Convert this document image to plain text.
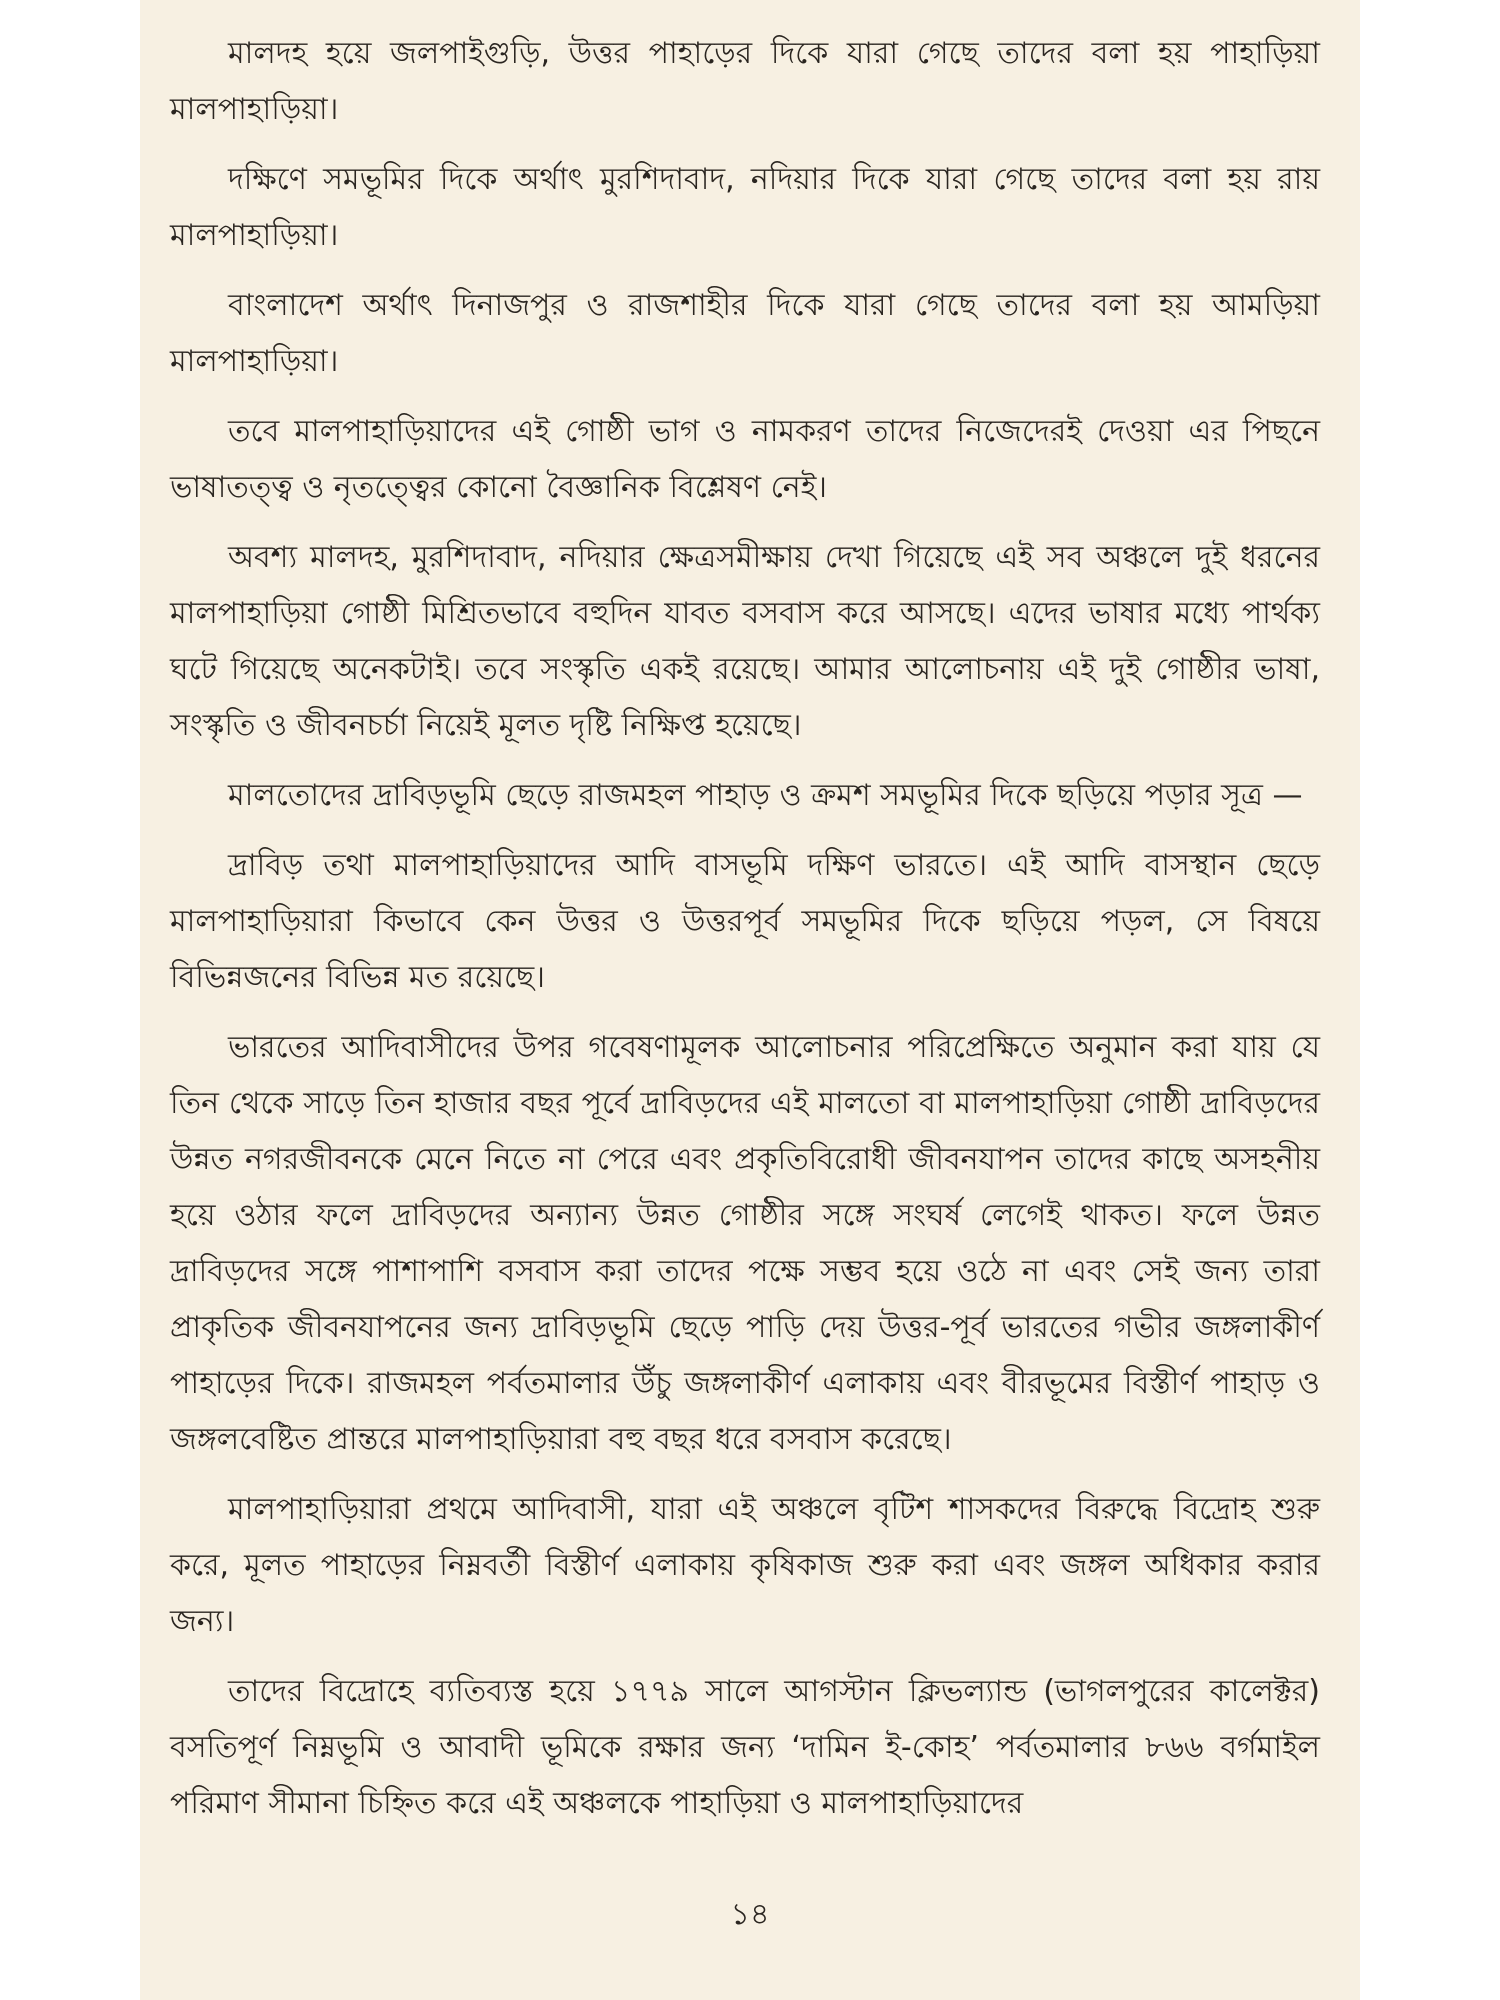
মালদহ হয়ে জলপাইগুড়ি, উত্তর পাহাড়ের দিকে যারা গেছে তাদের বলা হয় পাহাড়িয়া মালপাহাড়িয়া।

দক্ষিণে সমভূমির দিকে অর্থাৎ মুরশিদাবাদ, নদিয়ার দিকে যারা গেছে তাদের বলা হয় রায় মালপাহাড়িয়া।

বাংলাদেশ অর্থাৎ দিনাজপুর ও রাজশাহীর দিকে যারা গেছে তাদের বলা হয় আমড়িয়া মালপাহাড়িয়া।

তবে মালপাহাড়িয়াদের এই গোষ্ঠী ভাগ ও নামকরণ তাদের নিজেদেরই দেওয়া এর পিছনে ভাষাতত্ত্ব ও নৃতত্ত্বের কোনো বৈজ্ঞানিক বিশ্লেষণ নেই।

অবশ্য মালদহ, মুরশিদাবাদ, নদিয়ার ক্ষেত্রসমীক্ষায় দেখা গিয়েছে এই সব অঞ্চলে দুই ধরনের মালপাহাড়িয়া গোষ্ঠী মিশ্রিতভাবে বহুদিন যাবত বসবাস করে আসছে। এদের ভাষার মধ্যে পার্থক্য ঘটে গিয়েছে অনেকটাই। তবে সংস্কৃতি একই রয়েছে। আমার আলোচনায় এই দুই গোষ্ঠীর ভাষা, সংস্কৃতি ও জীবনচর্চা নিয়েই মূলত দৃষ্টি নিক্ষিপ্ত হয়েছে।

মালতোদের দ্রাবিড়ভূমি ছেড়ে রাজমহল পাহাড় ও ক্রমশ সমভূমির দিকে ছড়িয়ে পড়ার সূত্র —

দ্রাবিড় তথা মালপাহাড়িয়াদের আদি বাসভূমি দক্ষিণ ভারতে। এই আদি বাসস্থান ছেড়ে মালপাহাড়িয়ারা কিভাবে কেন উত্তর ও উত্তরপূর্ব সমভূমির দিকে ছড়িয়ে পড়ল, সে বিষয়ে বিভিন্নজনের বিভিন্ন মত রয়েছে।

ভারতের আদিবাসীদের উপর গবেষণামূলক আলোচনার পরিপ্রেক্ষিতে অনুমান করা যায় যে তিন থেকে সাড়ে তিন হাজার বছর পূর্বে দ্রাবিড়দের এই মালতো বা মালপাহাড়িয়া গোষ্ঠী দ্রাবিড়দের উন্নত নগরজীবনকে মেনে নিতে না পেরে এবং প্রকৃতিবিরোধী জীবনযাপন তাদের কাছে অসহনীয় হয়ে ওঠার ফলে দ্রাবিড়দের অন্যান্য উন্নত গোষ্ঠীর সঙ্গে সংঘর্ষ লেগেই থাকত। ফলে উন্নত দ্রাবিড়দের সঙ্গে পাশাপাশি বসবাস করা তাদের পক্ষে সম্ভব হয়ে ওঠে না এবং সেই জন্য তারা প্রাকৃতিক জীবনযাপনের জন্য দ্রাবিড়ভূমি ছেড়ে পাড়ি দেয় উত্তর-পূর্ব ভারতের গভীর জঙ্গলাকীর্ণ পাহাড়ের দিকে। রাজমহল পর্বতমালার উঁচু জঙ্গলাকীর্ণ এলাকায় এবং বীরভূমের বিস্তীর্ণ পাহাড় ও জঙ্গলবেষ্টিত প্রান্তরে মালপাহাড়িয়ারা বহু বছর ধরে বসবাস করেছে।

মালপাহাড়িয়ারা প্রথমে আদিবাসী, যারা এই অঞ্চলে বৃটিশ শাসকদের বিরুদ্ধে বিদ্রোহ শুরু করে, মূলত পাহাড়ের নিম্নবর্তী বিস্তীর্ণ এলাকায় কৃষিকাজ শুরু করা এবং জঙ্গল অধিকার করার জন্য।

তাদের বিদ্রোহে ব্যতিব্যস্ত হয়ে ১৭৭৯ সালে আগস্টান ক্লিভল্যান্ড (ভাগলপুরের কালেক্টর) বসতিপূর্ণ নিম্নভূমি ও আবাদী ভূমিকে রক্ষার জন্য ‘দামিন ই-কোহ’ পর্বতমালার ৮৬৬ বর্গমাইল পরিমাণ সীমানা চিহ্নিত করে এই অঞ্চলকে পাহাড়িয়া ও মালপাহাড়িয়াদের

১৪
